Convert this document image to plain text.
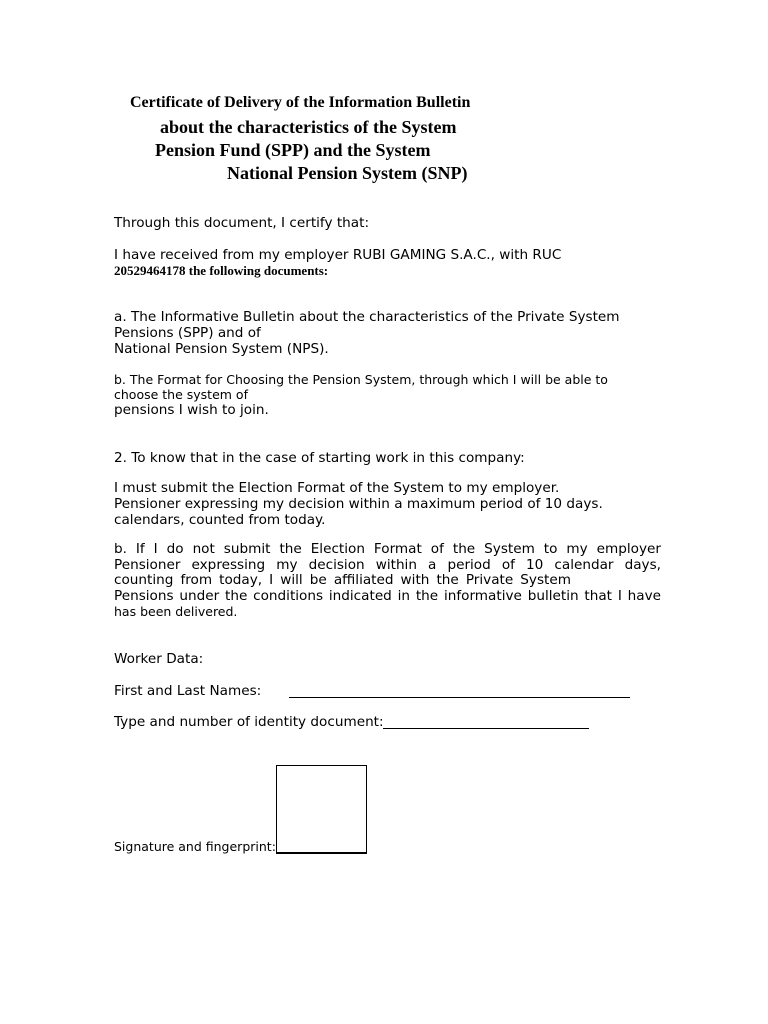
Certificate of Delivery of the Information Bulletin
about the characteristics of the System
Pension Fund (SPP) and the System
National Pension System (SNP)
Through this document, I certify that:
I have received from my employer RUBI GAMING S.A.C., with RUC
20529464178 the following documents:
a. The Informative Bulletin about the characteristics of the Private System
Pensions (SPP) and of
National Pension System (NPS).
b. The Format for Choosing the Pension System, through which I will be able to
choose the system of
pensions I wish to join.
2. To know that in the case of starting work in this company:
I must submit the Election Format of the System to my employer.
Pensioner expressing my decision within a maximum period of 10 days.
calendars, counted from today.
b. If I do not submit the Election Format of the System to my employer
Pensioner expressing my decision within a period of 10 calendar days,
counting from today, I will be affiliated with the Private System
Pensions under the conditions indicated in the informative bulletin that I have
has been delivered.
Worker Data:
First and Last Names:
Type and number of identity document:
Signature and fingerprint:
